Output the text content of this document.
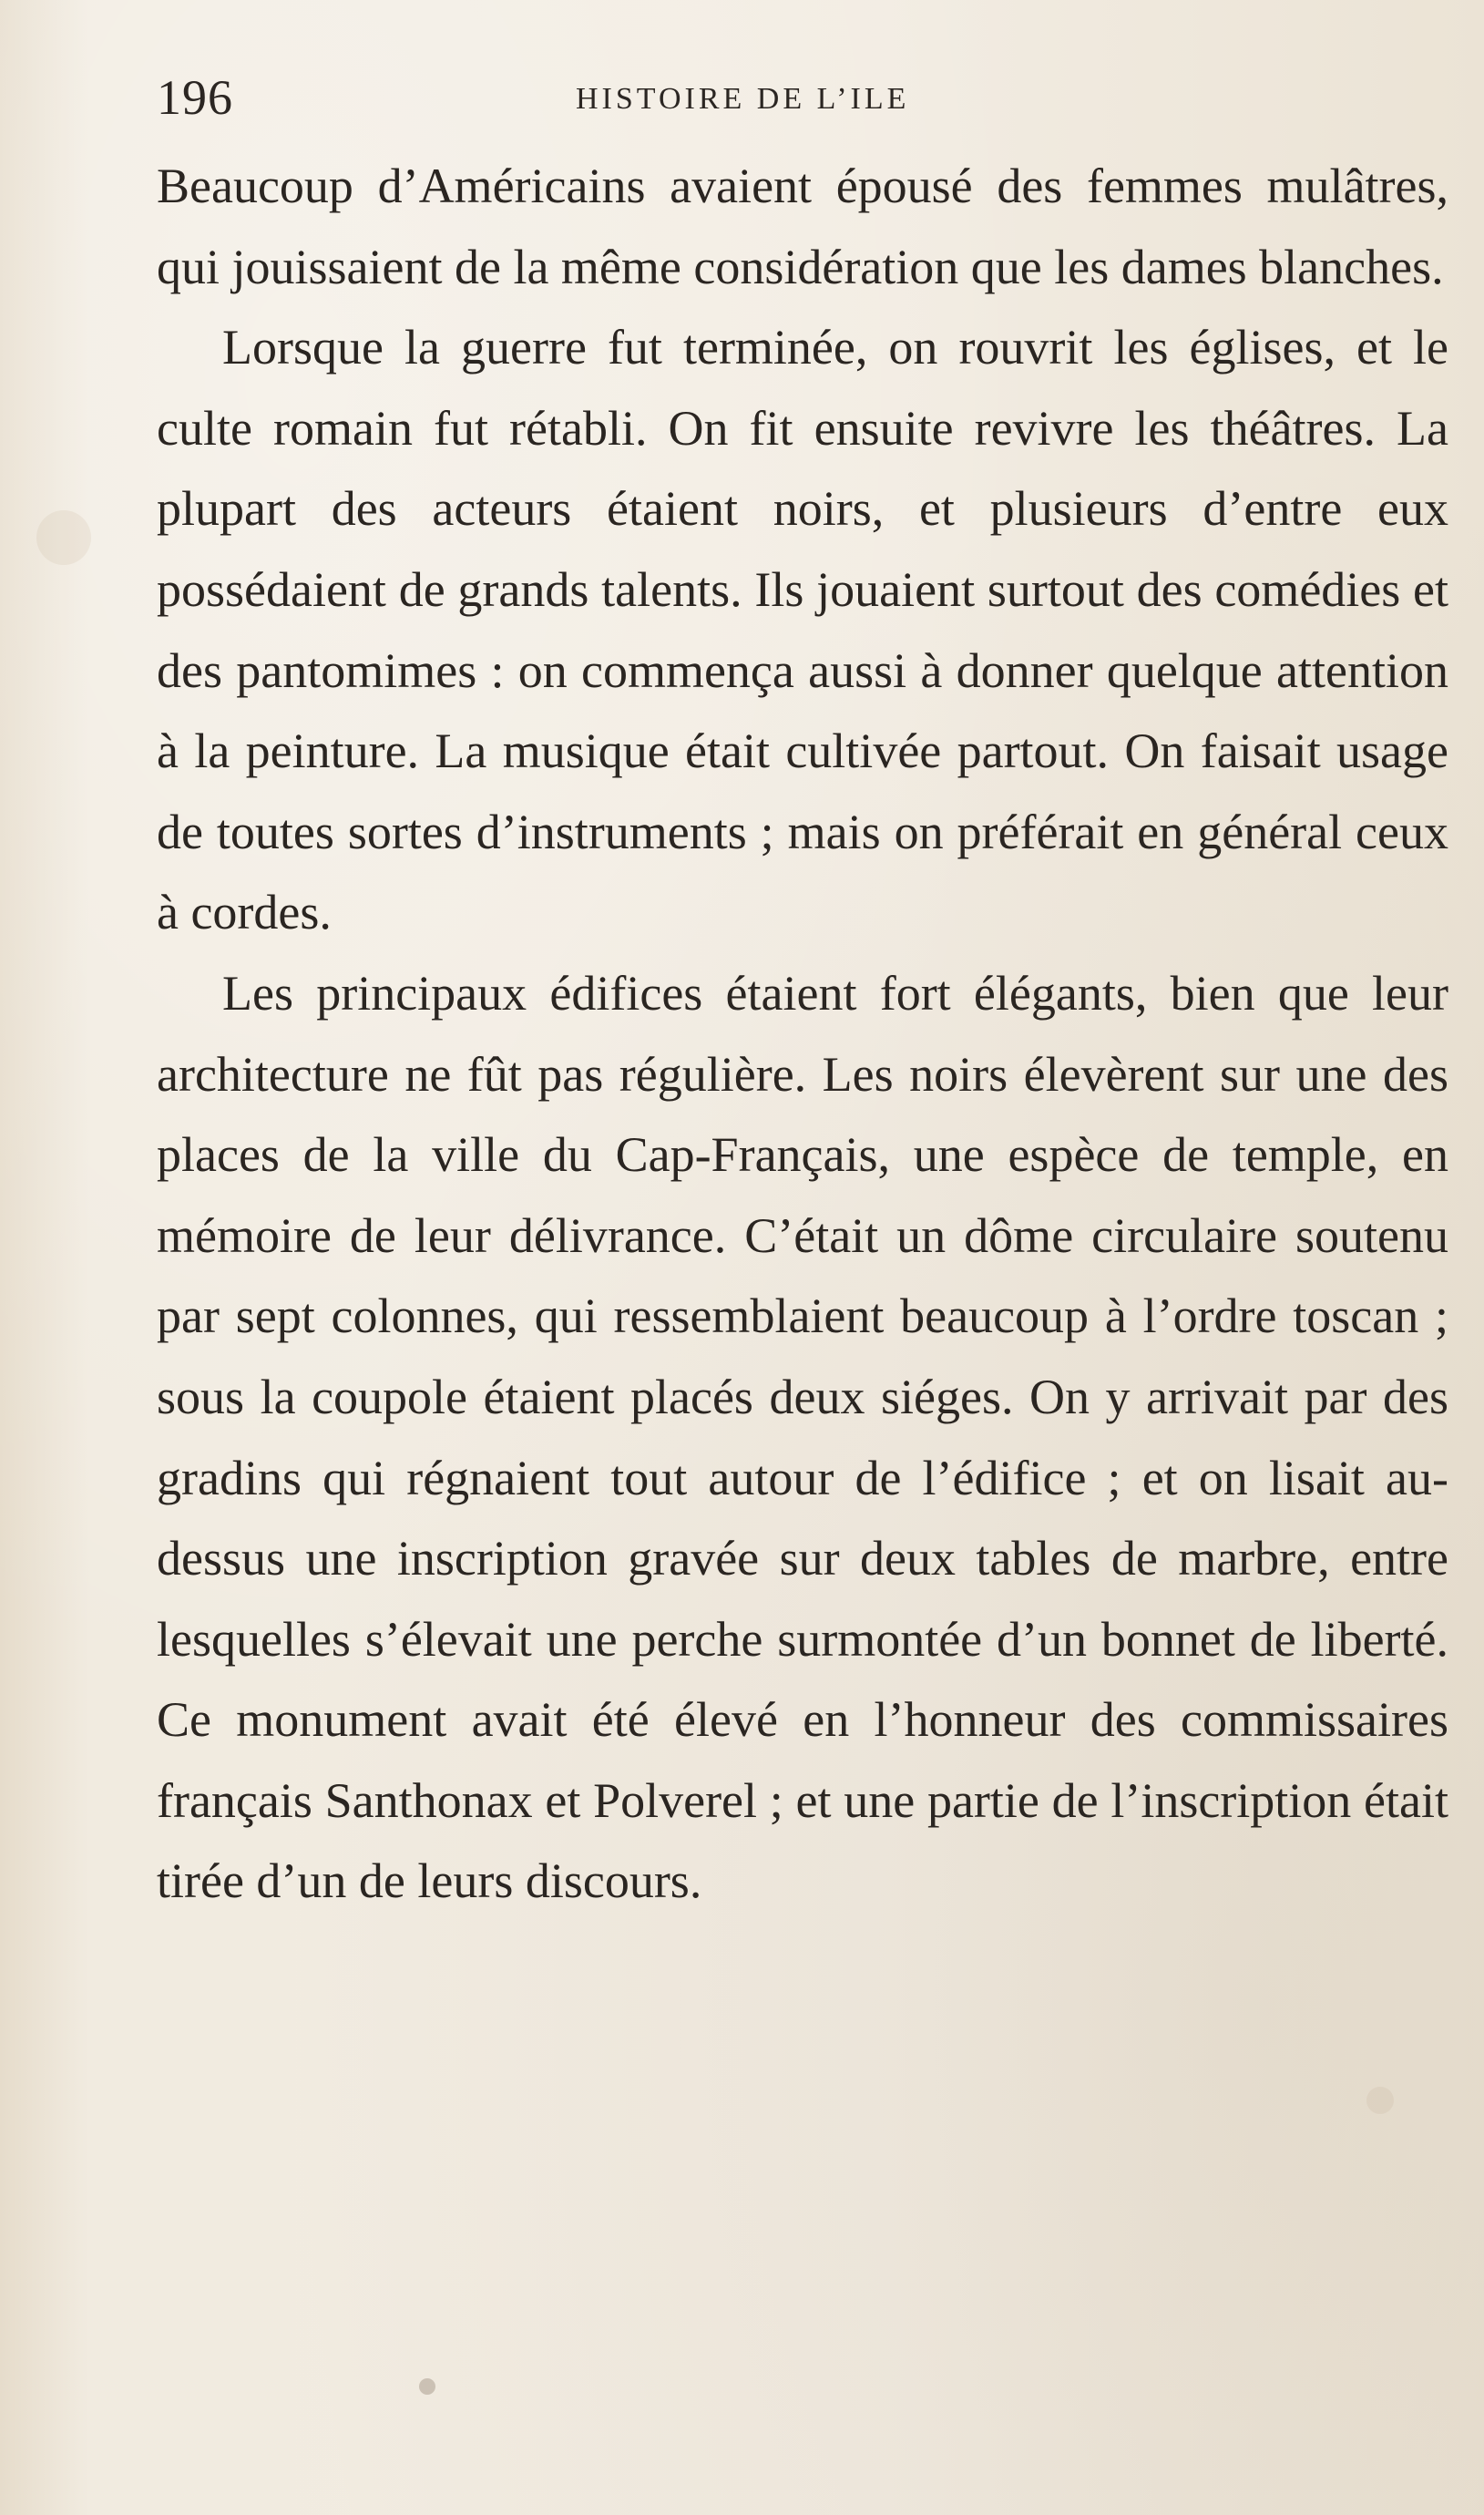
196	HISTOIRE DE L’ILE

Beaucoup d’Américains avaient épousé des femmes mulâtres, qui jouissaient de la même considération que les dames blanches.

Lorsque la guerre fut terminée, on rouvrit les églises, et le culte romain fut rétabli. On fit ensuite revivre les théâtres. La plupart des acteurs étaient noirs, et plusieurs d’entre eux possédaient de grands talents. Ils jouaient surtout des comédies et des pantomimes : on commença aussi à donner quelque attention à la peinture. La musique était cultivée partout. On faisait usage de toutes sortes d’instruments ; mais on préférait en général ceux à cordes.

Les principaux édifices étaient fort élégants, bien que leur architecture ne fût pas régulière. Les noirs élevèrent sur une des places de la ville du Cap-Français, une espèce de temple, en mémoire de leur délivrance. C’était un dôme circulaire soutenu par sept colonnes, qui ressemblaient beaucoup à l’ordre toscan ; sous la coupole étaient placés deux siéges. On y arrivait par des gradins qui régnaient tout autour de l’édifice ; et on lisait au-dessus une inscription gravée sur deux tables de marbre, entre lesquelles s’élevait une perche surmontée d’un bonnet de liberté. Ce monument avait été élevé en l’honneur des commissaires français Santhonax et Polverel ; et une partie de l’inscription était tirée d’un de leurs discours.
